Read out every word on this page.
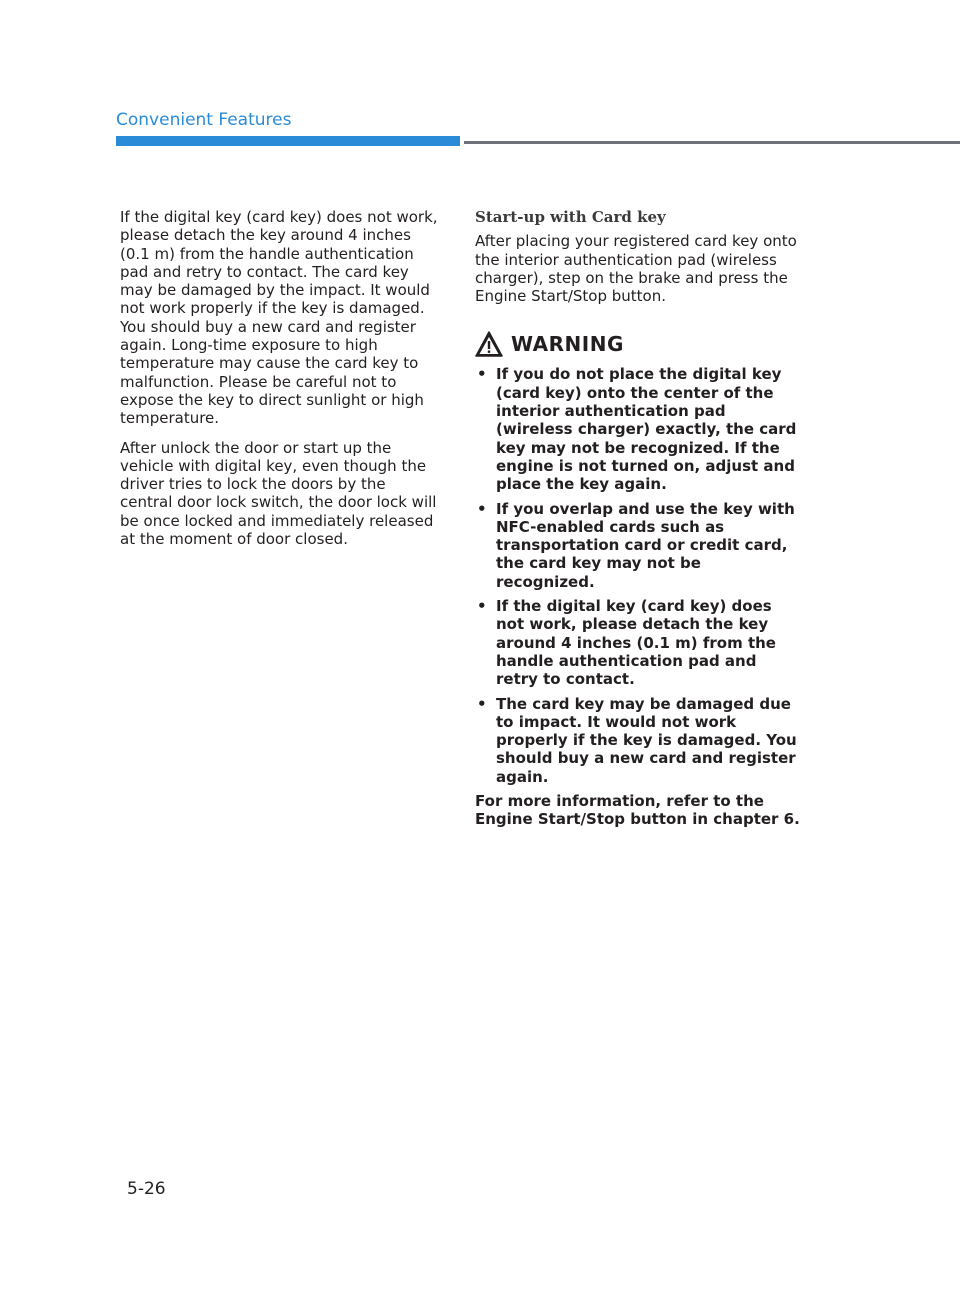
Convenient Features

If the digital key (card key) does not work, please detach the key around 4 inches (0.1 m) from the handle authentication pad and retry to contact. The card key may be damaged by the impact. It would not work properly if the key is damaged. You should buy a new card and register again. Long-time exposure to high temperature may cause the card key to malfunction. Please be careful not to expose the key to direct sunlight or high temperature.

After unlock the door or start up the vehicle with digital key, even though the driver tries to lock the doors by the central door lock switch, the door lock will be once locked and immediately released at the moment of door closed.

Start-up with Card key

After placing your registered card key onto the interior authentication pad (wireless charger), step on the brake and press the Engine Start/Stop button.

WARNING
• If you do not place the digital key (card key) onto the center of the interior authentication pad (wireless charger) exactly, the card key may not be recognized. If the engine is not turned on, adjust and place the key again.
• If you overlap and use the key with NFC-enabled cards such as transportation card or credit card, the card key may not be recognized.
• If the digital key (card key) does not work, please detach the key around 4 inches (0.1 m) from the handle authentication pad and retry to contact.
• The card key may be damaged due to impact. It would not work properly if the key is damaged. You should buy a new card and register again.

For more information, refer to the Engine Start/Stop button in chapter 6.

5-26
